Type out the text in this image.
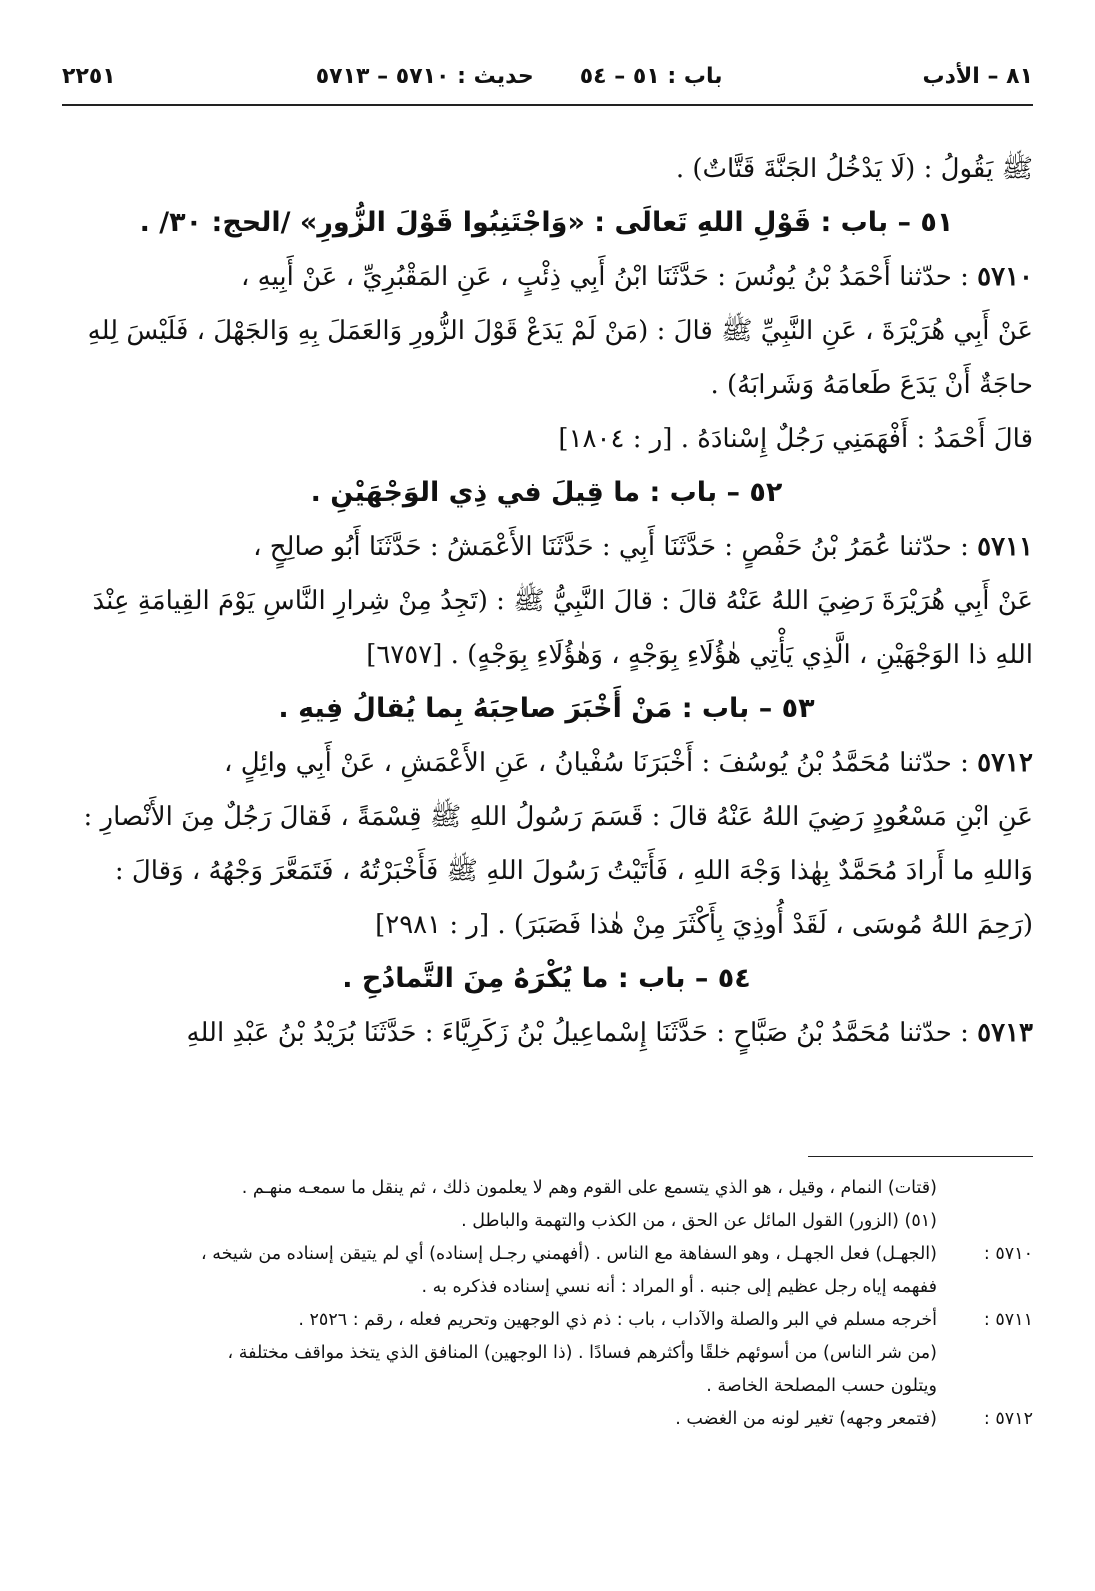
٨١ – الأدب
باب : ٥١ – ٥٤
حديث : ٥٧١٠ – ٥٧١٣
٢٢٥١

ﷺ يَقُولُ : (لَا يَدْخُلُ الجَنَّةَ قَتَّاتٌ) .

٥١ – باب : قَوْلِ اللهِ تَعالَى : «وَاجْتَنِبُوا قَوْلَ الزُّورِ» /الحج: ٣٠/ .

٥٧١٠ : حدّثنا أَحْمَدُ بْنُ يُونُسَ : حَدَّثَنَا ابْنُ أَبِي ذِئْبٍ ، عَنِ المَقْبُرِيِّ ، عَنْ أَبِيهِ ،

عَنْ أَبِي هُرَيْرَةَ ، عَنِ النَّبِيِّ ﷺ قالَ : (مَنْ لَمْ يَدَعْ قَوْلَ الزُّورِ وَالعَمَلَ بِهِ وَالجَهْلَ ، فَلَيْسَ لِلهِ

حاجَةٌ أَنْ يَدَعَ طَعامَهُ وَشَرابَهُ) .

قالَ أَحْمَدُ : أَفْهَمَنِي رَجُلٌ إِسْنادَهُ . [ر : ١٨٠٤]

٥٢ – باب : ما قِيلَ في ذِي الوَجْهَيْنِ .

٥٧١١ : حدّثنا عُمَرُ بْنُ حَفْصٍ : حَدَّثَنَا أَبِي : حَدَّثَنَا الأَعْمَشُ : حَدَّثَنَا أَبُو صالِحٍ ،

عَنْ أَبِي هُرَيْرَةَ رَضِيَ اللهُ عَنْهُ قالَ : قالَ النَّبِيُّ ﷺ : (تَجِدُ مِنْ شِرارِ النَّاسِ يَوْمَ القِيامَةِ عِنْدَ

اللهِ ذا الوَجْهَيْنِ ، الَّذِي يَأْتِي هٰؤُلَاءِ بِوَجْهٍ ، وَهٰؤُلَاءِ بِوَجْهٍ) . [٦٧٥٧]

٥٣ – باب : مَنْ أَخْبَرَ صاحِبَهُ بِما يُقالُ فِيهِ .

٥٧١٢ : حدّثنا مُحَمَّدُ بْنُ يُوسُفَ : أَخْبَرَنَا سُفْيانُ ، عَنِ الأَعْمَشِ ، عَنْ أَبِي وائِلٍ ،

عَنِ ابْنِ مَسْعُودٍ رَضِيَ اللهُ عَنْهُ قالَ : قَسَمَ رَسُولُ اللهِ ﷺ قِسْمَةً ، فَقالَ رَجُلٌ مِنَ الأَنْصارِ :

وَاللهِ ما أَرادَ مُحَمَّدٌ بِهٰذا وَجْهَ اللهِ ، فَأَتَيْتُ رَسُولَ اللهِ ﷺ فَأَخْبَرْتُهُ ، فَتَمَعَّرَ وَجْهُهُ ، وَقالَ :

(رَحِمَ اللهُ مُوسَى ، لَقَدْ أُوذِيَ بِأَكْثَرَ مِنْ هٰذا فَصَبَرَ) . [ر : ٢٩٨١]

٥٤ – باب : ما يُكْرَهُ مِنَ التَّمادُحِ .

٥٧١٣ : حدّثنا مُحَمَّدُ بْنُ صَبَّاحٍ : حَدَّثَنَا إِسْماعِيلُ بْنُ زَكَرِيَّاءَ : حَدَّثَنَا بُرَيْدُ بْنُ عَبْدِ اللهِ

(قتات) النمام ، وقيل ، هو الذي يتسمع على القوم وهم لا يعلمون ذلك ، ثم ينقل ما سمعـه منهـم .
(٥١) (الزور) القول المائل عن الحق ، من الكذب والتهمة والباطل .
٥٧١٠ :
(الجهـل) فعل الجهـل ، وهو السفاهة مع الناس . (أفهمني رجـل إسناده) أي لم يتيقن إسناده من شيخه ،
ففهمه إياه رجل عظيم إلى جنبه . أو المراد : أنه نسي إسناده فذكره به .
٥٧١١ :
أخرجه مسلم في البر والصلة والآداب ، باب : ذم ذي الوجهين وتحريم فعله ، رقم : ٢٥٢٦ .
(من شر الناس) من أسوئهم خلقًا وأكثرهم فسادًا . (ذا الوجهين) المنافق الذي يتخذ مواقف مختلفة ،
ويتلون حسب المصلحة الخاصة .
٥٧١٢ :
(فتمعر وجهه) تغير لونه من الغضب .
